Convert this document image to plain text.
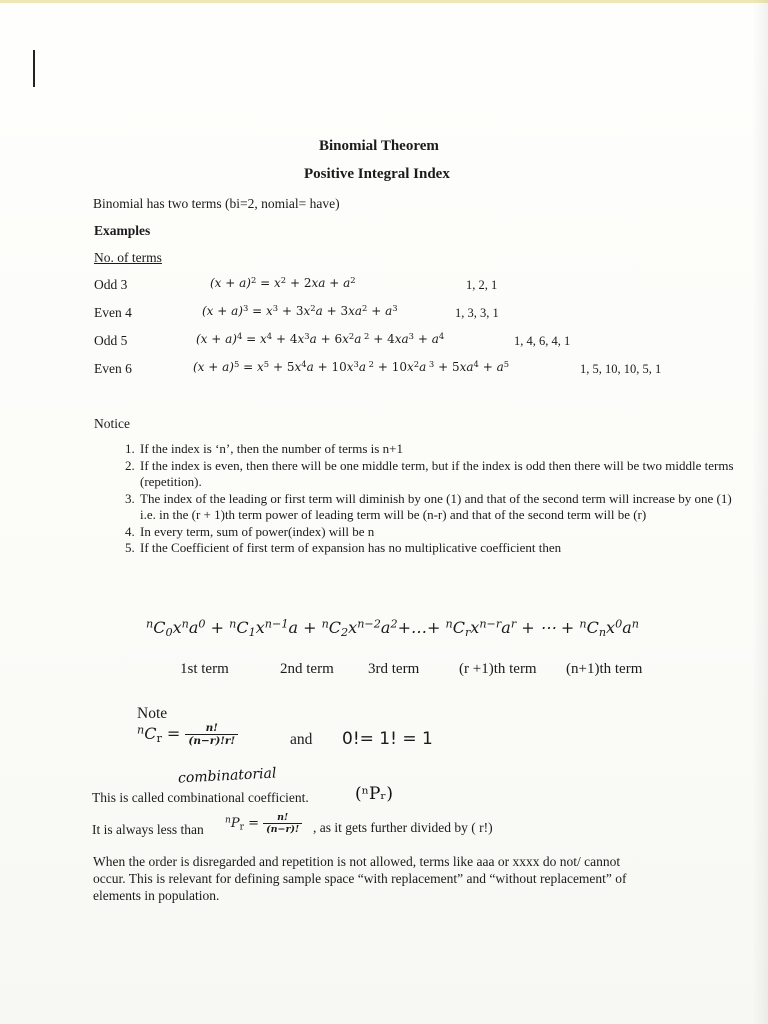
Binomial Theorem
Positive Integral Index
Binomial has two terms (bi=2, nomial= have)
Examples
No. of terms
Odd 3	$(x + a)^2 = x^2 + 2xa + a^2$	1, 2, 1
Even 4	$(x + a)^3 = x^3 + 3x^2a + 3xa^2 + a^3$	1, 3, 3, 1
Odd 5	$(x + a)^4 = x^4 + 4x^3a + 6x^2a$ $^2 + 4xa^3 + a^4$	1, 4, 6, 4, 1
Even 6	$(x + a)^5 = x^5 + 5x^4a + 10x^3a$ $^2 + 10x^2a$ $^3 + 5xa^4 + a^5$	1, 5, 10, 10, 5, 1
Notice
1. If the index is ‘n’, then the number of terms is n+1
2. If the index is even, then there will be one middle term, but if the index is odd then there will be two middle terms (repetition).
3. The index of the leading or first term will diminish by one (1) and that of the second term will increase by one (1) i.e. in the (r + 1)th term power of leading term will be (n-r) and that of the second term will be (r)
4. In every term, sum of power(index) will be n
5. If the Coefficient of first term of expansion has no multiplicative coefficient then
$^nC_0x^na^0 + ^nC_1x^{n-1}a$ + $^nC_2x^{n-2}a^2+\dots+ ^nC_rx^{n-r}a^r$ + ⋯ + $^nC_nx^0a^n$
1st term	2nd term 3rd term	(r +1)th term (n+1)th term
Note
$^nC_r = \frac{n!}{(n-r)!r!}$	and 0!= 1! = 1
combinatorial
This is called combinational coefficient.	(ⁿPᵣ)
It is always less than
$^nP_r = \frac{n!}{(n-r)!}$ , as it gets further divided by ( r!)
When the order is disregarded and repetition is not allowed, terms like aaa or xxxx do not/ cannot occur. This is relevant for defining sample space “with replacement” and “without replacement” of elements in population.
